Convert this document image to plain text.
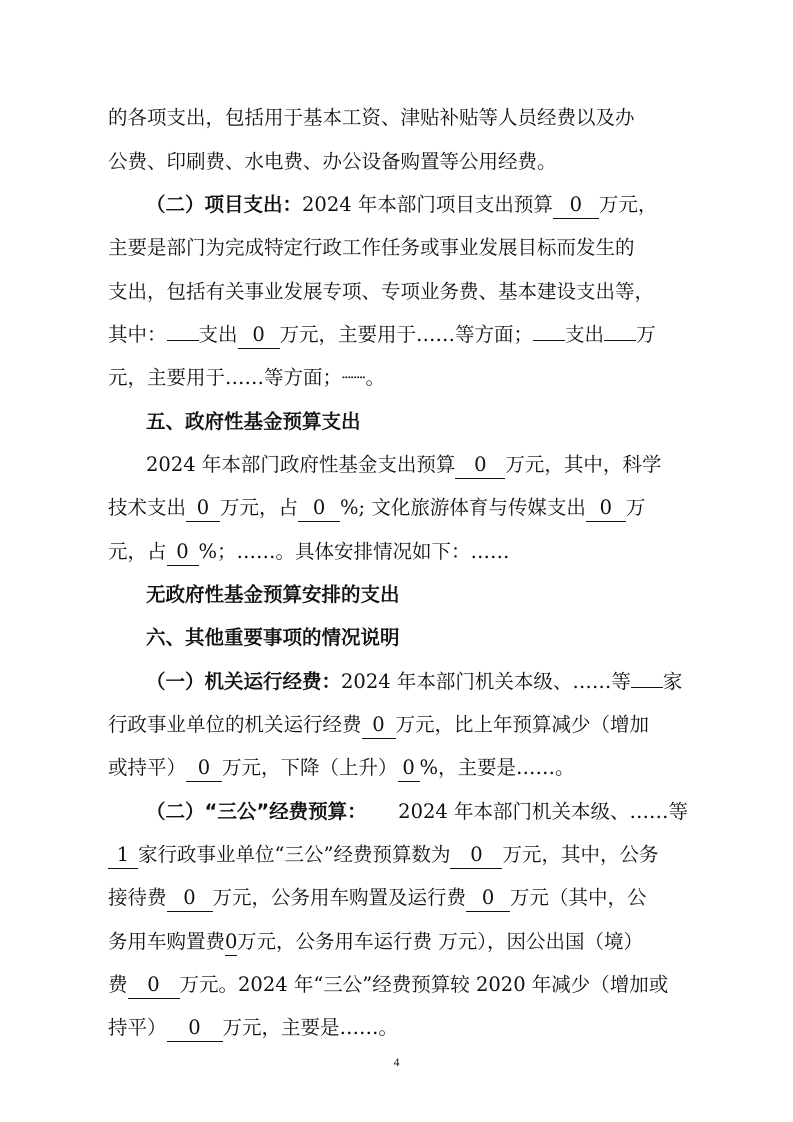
的各项支出，包括用于基本工资、津贴补贴等人员经费以及办
公费、印刷费、水电费、办公设备购置等公用经费。
（二）项目支出：2024 年本部门项目支出预算 0 万元，
主要是部门为完成特定行政工作任务或事业发展目标而发生的
支出，包括有关事业发展专项、专项业务费、基本建设支出等，
其中： 支出 0 万元，主要用于……等方面； 支出 万
元，主要用于……等方面；┈┈。
五、政府性基金预算支出
2024 年本部门政府性基金支出预算 0 万元，其中，科学
技术支出 0 万元，占 0 %; 文化旅游体育与传媒支出 0 万
元，占 0 %；……。具体安排情况如下：……
无政府性基金预算安排的支出
六、其他重要事项的情况说明
（一）机关运行经费：2024 年本部门机关本级、……等 家
行政事业单位的机关运行经费 0 万元，比上年预算减少（增加
或持平） 0 万元，下降（上升） 0 %，主要是……。
（二）“三公”经费预算： 2024 年本部门机关本级、……等
1 家行政事业单位“三公”经费预算数为 0 万元，其中，公务
接待费 0 万元，公务用车购置及运行费 0 万元（其中，公
务用车购置费0万元，公务用车运行费 万元），因公出国（境）
费 0 万元。2024 年“三公”经费预算较 2020 年减少（增加或
持平） 0 万元，主要是……。
4
